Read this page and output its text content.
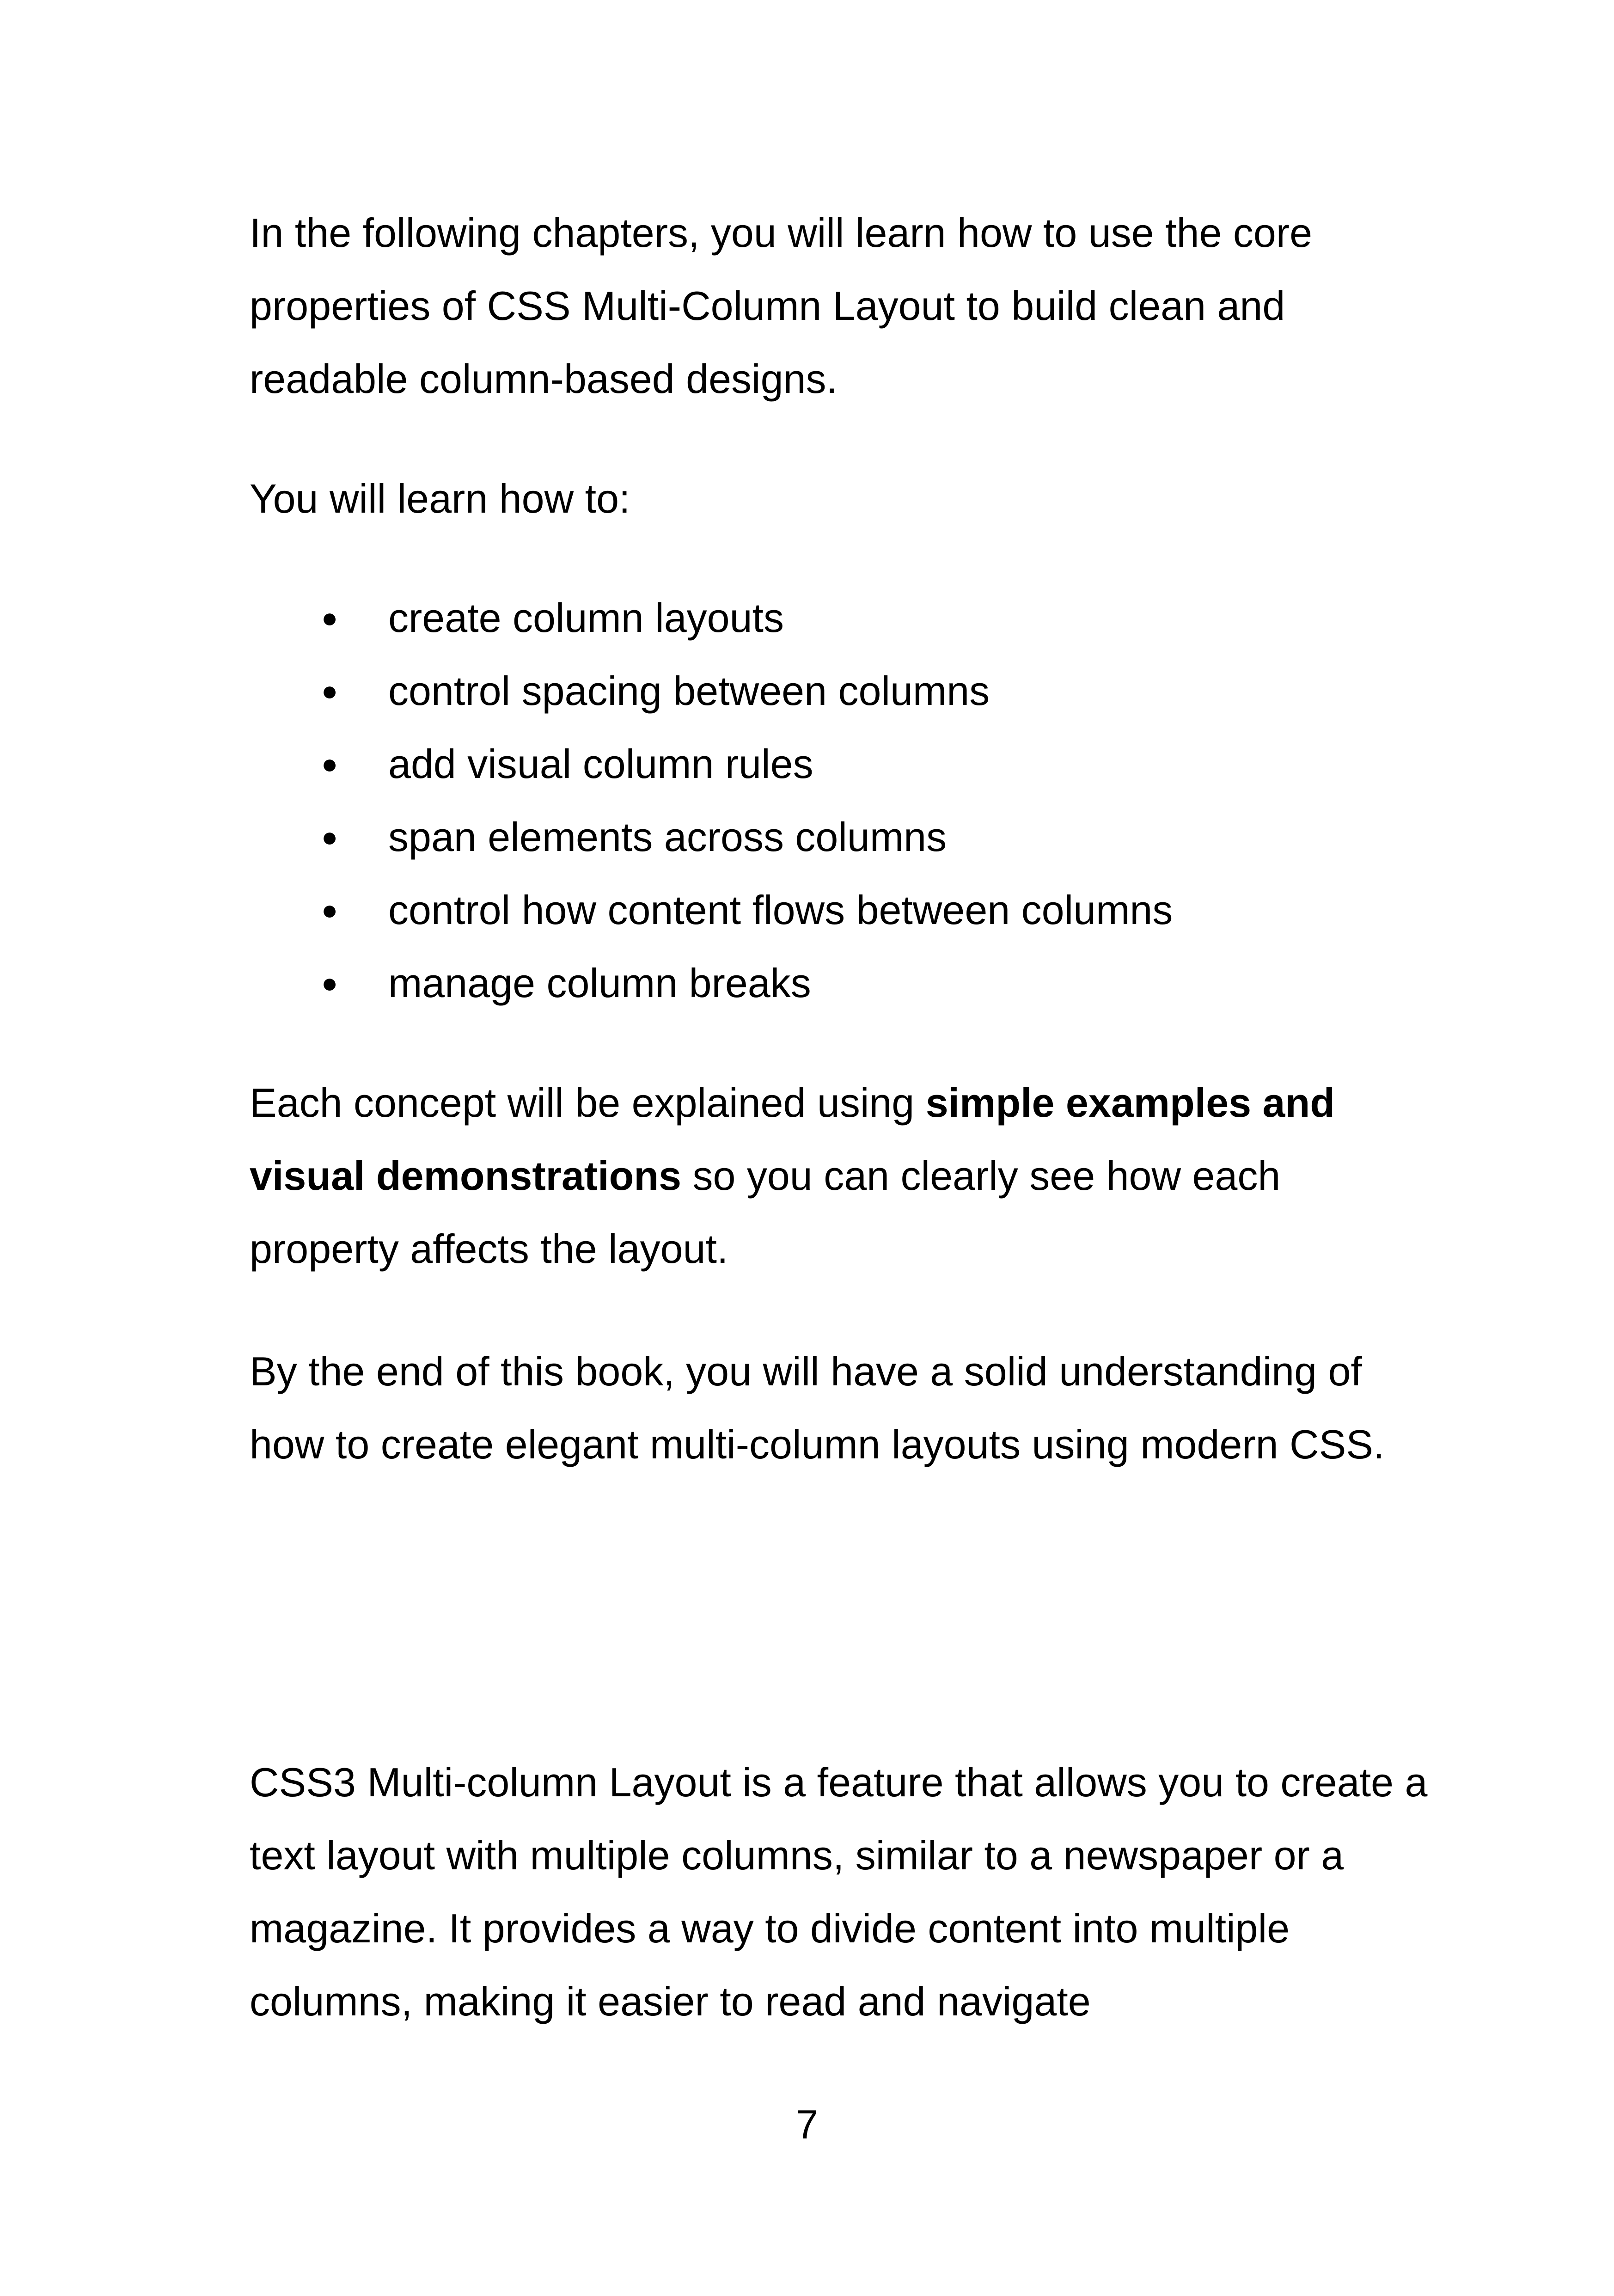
In the following chapters, you will learn how to use the core properties of CSS Multi-Column Layout to build clean and readable column-based designs.

You will learn how to:

● create column layouts
● control spacing between columns
● add visual column rules
● span elements across columns
● control how content flows between columns
● manage column breaks

Each concept will be explained using simple examples and visual demonstrations so you can clearly see how each property affects the layout.

By the end of this book, you will have a solid understanding of how to create elegant multi-column layouts using modern CSS.

CSS3 Multi-column Layout is a feature that allows you to create a text layout with multiple columns, similar to a newspaper or a magazine. It provides a way to divide content into multiple columns, making it easier to read and navigate

7
